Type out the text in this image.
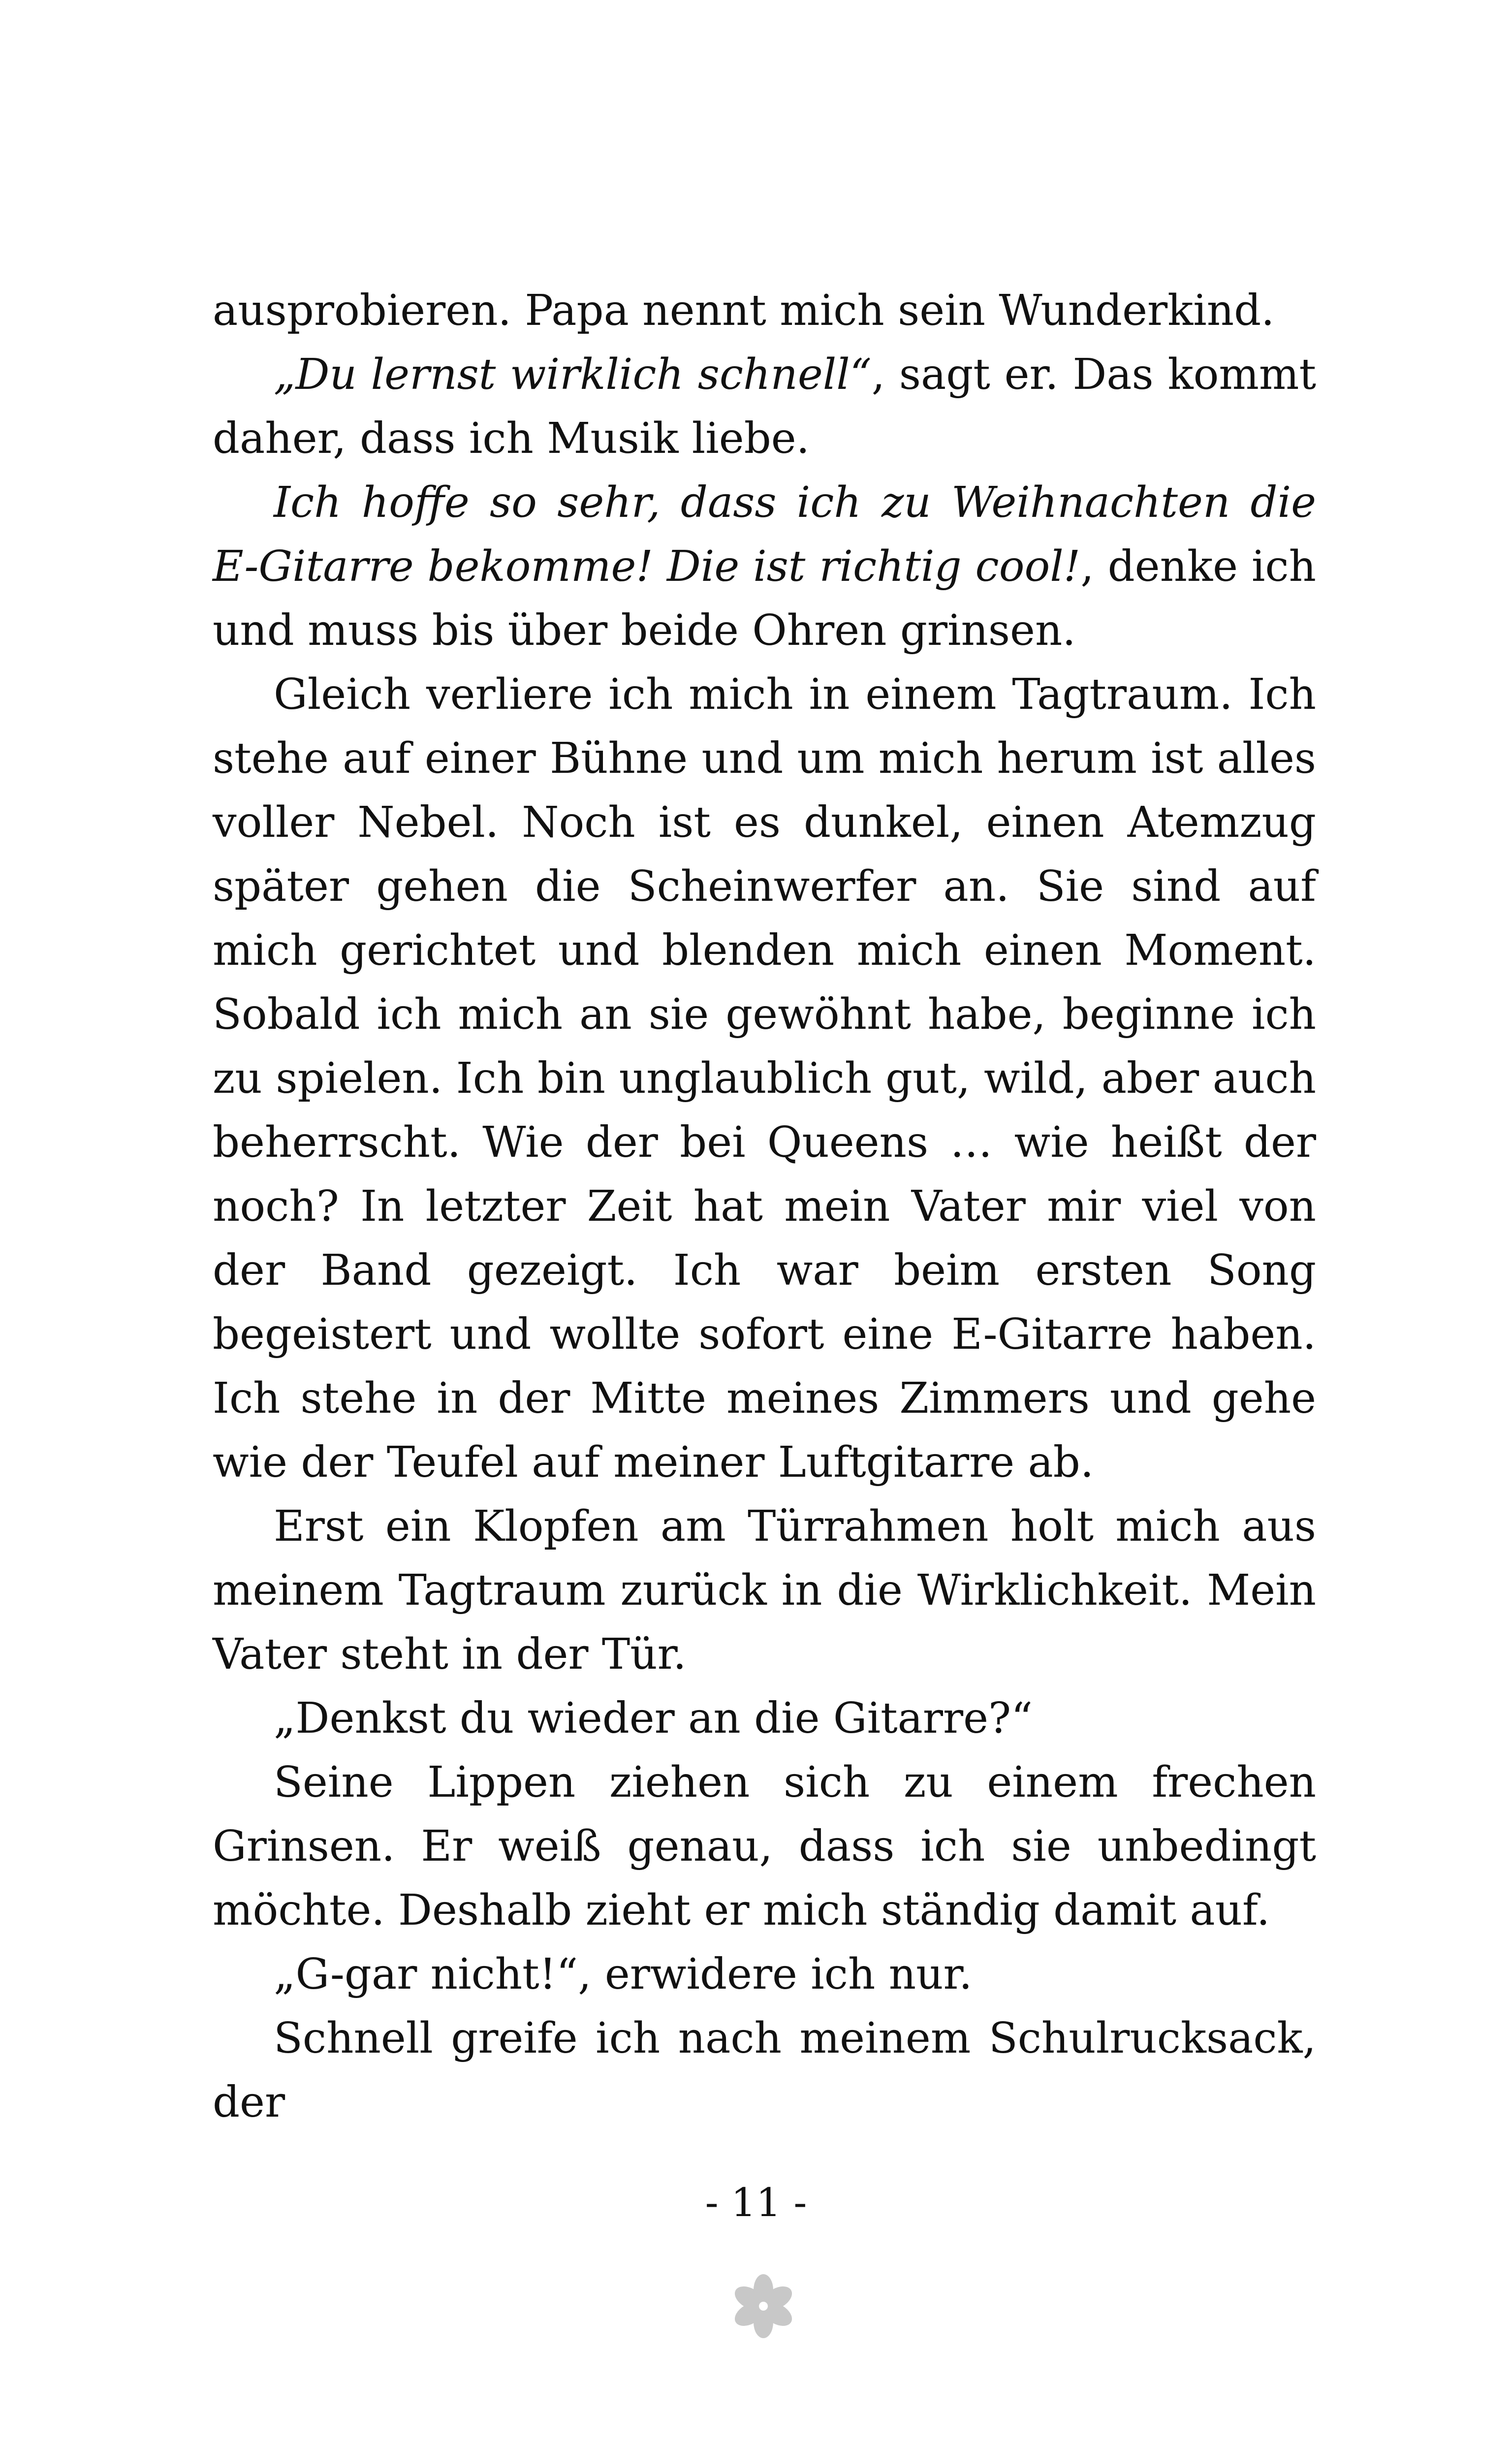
ausprobieren. Papa nennt mich sein Wunderkind.

„Du lernst wirklich schnell“, sagt er. Das kommt daher, dass ich Musik liebe.

Ich hoffe so sehr, dass ich zu Weihnachten die E-Gitarre bekomme! Die ist richtig cool!, denke ich und muss bis über beide Ohren grinsen.

Gleich verliere ich mich in einem Tagtraum. Ich stehe auf einer Bühne und um mich herum ist alles voller Nebel. Noch ist es dunkel, einen Atemzug später gehen die Scheinwerfer an. Sie sind auf mich gerichtet und blenden mich einen Moment. Sobald ich mich an sie gewöhnt habe, beginne ich zu spielen. Ich bin unglaublich gut, wild, aber auch beherrscht. Wie der bei Queens … wie heißt der noch? In letzter Zeit hat mein Vater mir viel von der Band gezeigt. Ich war beim ersten Song begeistert und wollte sofort eine E-Gitarre haben. Ich stehe in der Mitte meines Zimmers und gehe wie der Teufel auf meiner Luftgitarre ab.

Erst ein Klopfen am Türrahmen holt mich aus meinem Tagtraum zurück in die Wirklichkeit. Mein Vater steht in der Tür.

„Denkst du wieder an die Gitarre?“

Seine Lippen ziehen sich zu einem frechen Grinsen. Er weiß genau, dass ich sie unbedingt möchte. Deshalb zieht er mich ständig damit auf.

„G-gar nicht!“, erwidere ich nur.

Schnell greife ich nach meinem Schulrucksack, der

- 11 -
